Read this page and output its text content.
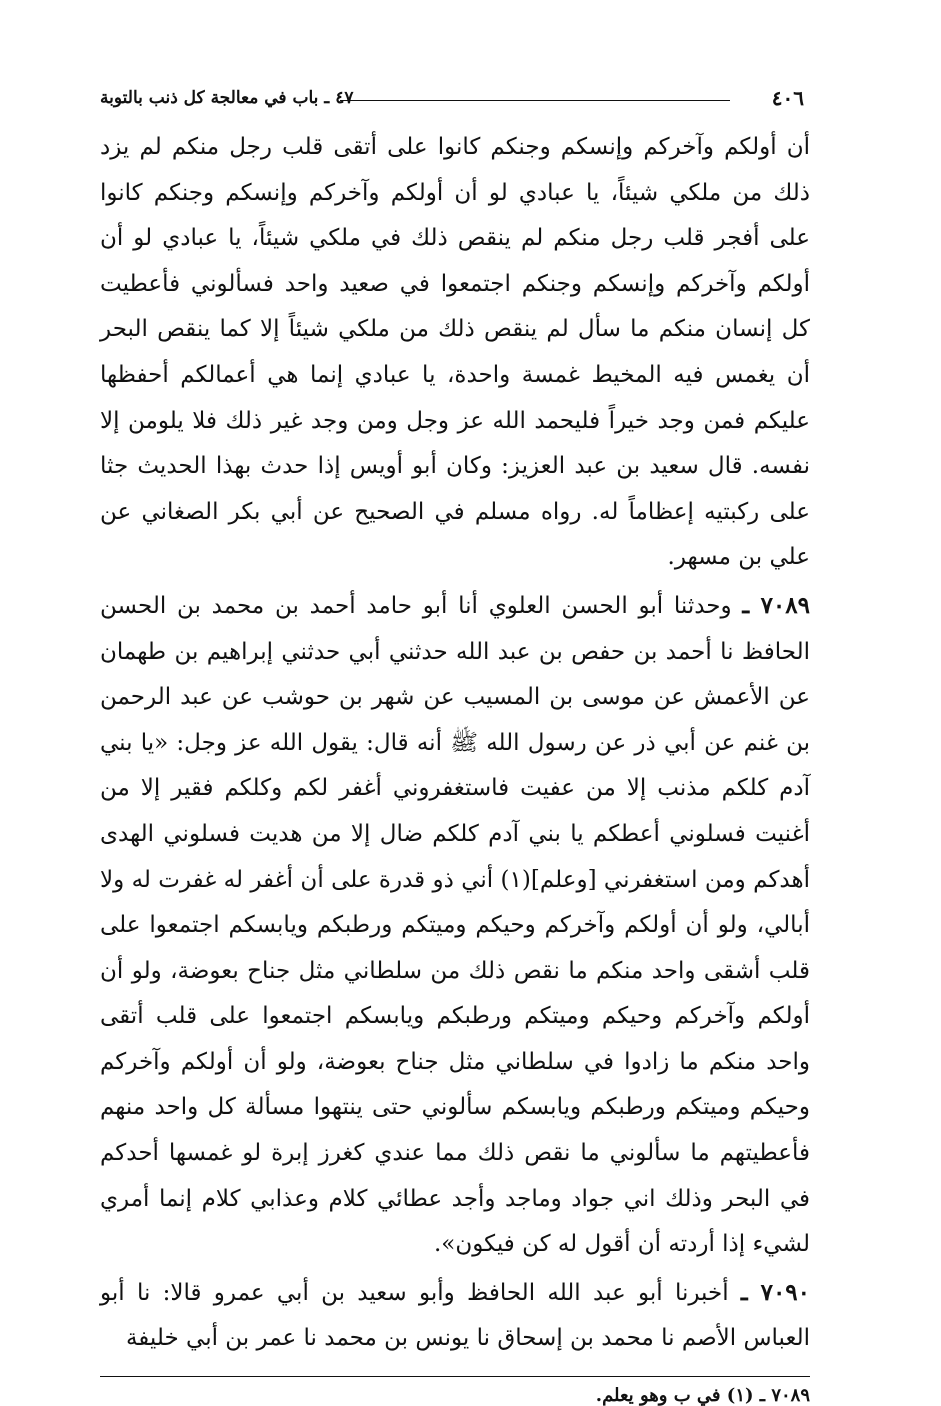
٤٠٦
٤٧ ـ باب في معالجة كل ذنب بالتوبة

أن أولكم وآخركم وإنسكم وجنكم كانوا على أتقى قلب رجل منكم لم يزد ذلك من ملكي شيئاً، يا عبادي لو أن أولكم وآخركم وإنسكم وجنكم كانوا على أفجر قلب رجل منكم لم ينقص ذلك في ملكي شيئاً، يا عبادي لو أن أولكم وآخركم وإنسكم وجنكم اجتمعوا في صعيد واحد فسألوني فأعطيت كل إنسان منكم ما سأل لم ينقص ذلك من ملكي شيئاً إلا كما ينقص البحر أن يغمس فيه المخيط غمسة واحدة، يا عبادي إنما هي أعمالكم أحفظها عليكم فمن وجد خيراً فليحمد الله عز وجل ومن وجد غير ذلك فلا يلومن إلا نفسه. قال سعيد بن عبد العزيز: وكان أبو أويس إذا حدث بهذا الحديث جثا على ركبتيه إعظاماً له. رواه مسلم في الصحيح عن أبي بكر الصغاني عن علي بن مسهر.

٧٠٨٩ ـ وحدثنا أبو الحسن العلوي أنا أبو حامد أحمد بن محمد بن الحسن الحافظ نا أحمد بن حفص بن عبد الله حدثني أبي حدثني إبراهيم بن طهمان عن الأعمش عن موسى بن المسيب عن شهر بن حوشب عن عبد الرحمن بن غنم عن أبي ذر عن رسول الله ﷺ أنه قال: يقول الله عز وجل: «يا بني آدم كلكم مذنب إلا من عفيت فاستغفروني أغفر لكم وكلكم فقير إلا من أغنيت فسلوني أعطكم يا بني آدم كلكم ضال إلا من هديت فسلوني الهدى أهدكم ومن استغفرني [وعلم](١) أني ذو قدرة على أن أغفر له غفرت له ولا أبالي، ولو أن أولكم وآخركم وحيكم وميتكم ورطبكم ويابسكم اجتمعوا على قلب أشقى واحد منكم ما نقص ذلك من سلطاني مثل جناح بعوضة، ولو أن أولكم وآخركم وحيكم وميتكم ورطبكم ويابسكم اجتمعوا على قلب أتقى واحد منكم ما زادوا في سلطاني مثل جناح بعوضة، ولو أن أولكم وآخركم وحيكم وميتكم ورطبكم ويابسكم سألوني حتى ينتهوا مسألة كل واحد منهم فأعطيتهم ما سألوني ما نقص ذلك مما عندي كغرز إبرة لو غمسها أحدكم في البحر وذلك اني جواد وماجد وأجد عطائي كلام وعذابي كلام إنما أمري لشيء إذا أردته أن أقول له كن فيكون».

٧٠٩٠ ـ أخبرنا أبو عبد الله الحافظ وأبو سعيد بن أبي عمرو قالا: نا أبو العباس الأصم نا محمد بن إسحاق نا يونس بن محمد نا عمر بن أبي خليفة

٧٠٨٩ ـ (١) في ب وهو يعلم.
